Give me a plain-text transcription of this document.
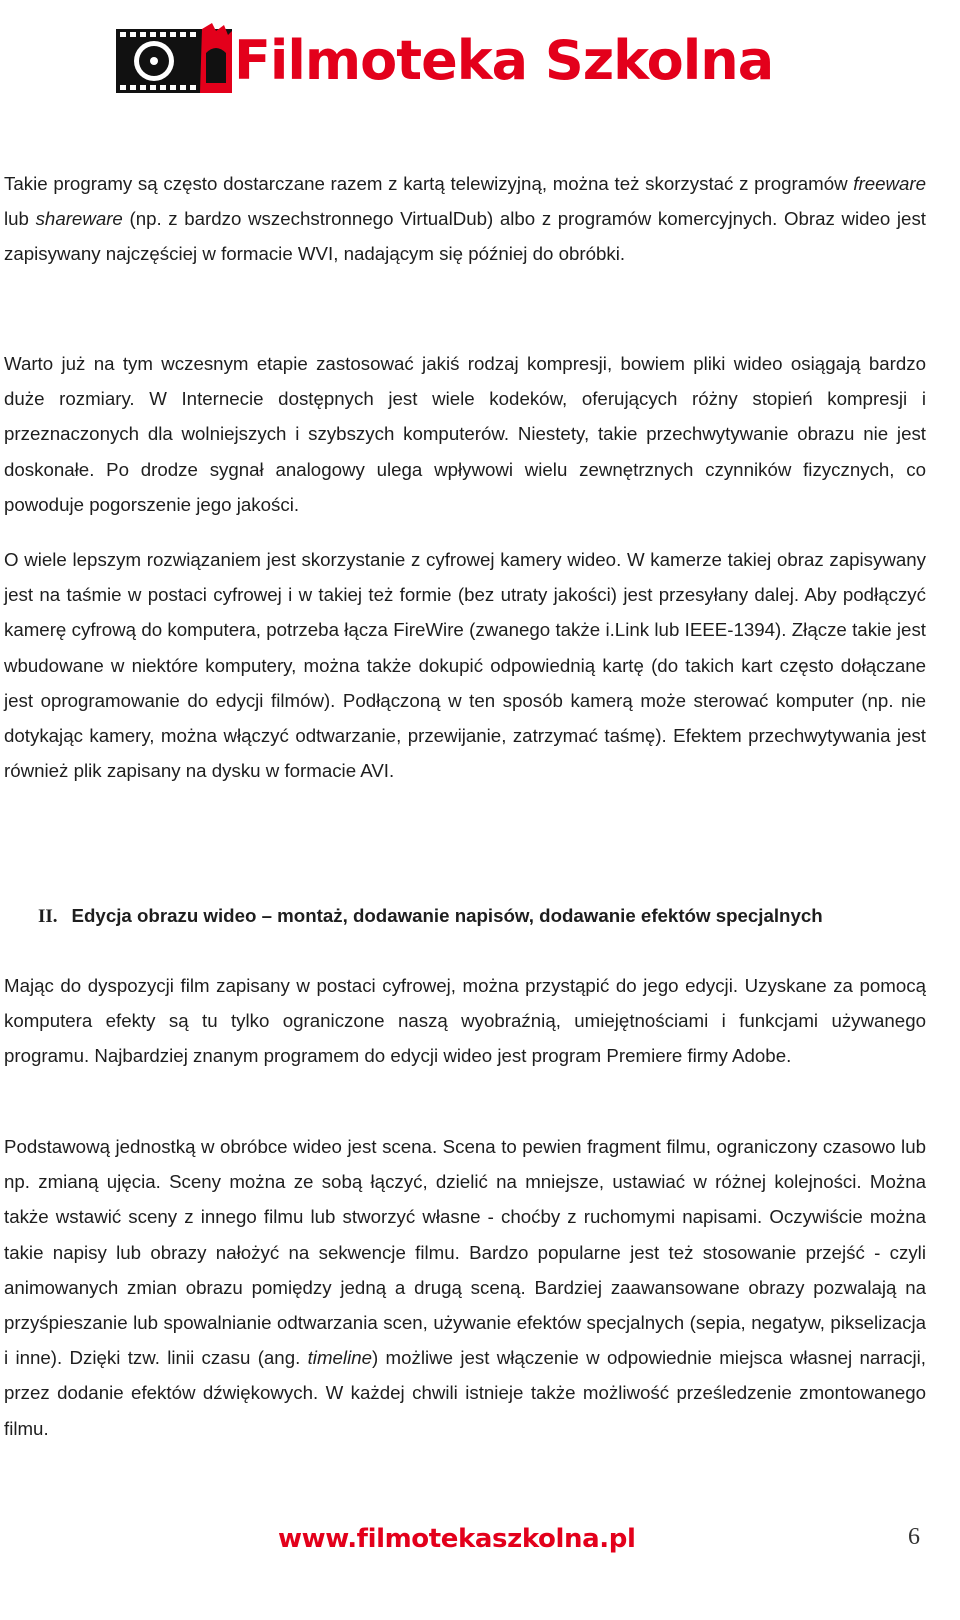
Filmoteka Szkolna

Takie programy są często dostarczane razem z kartą telewizyjną, można też skorzystać z programów freeware lub shareware (np. z bardzo wszechstronnego VirtualDub) albo z programów komercyjnych. Obraz wideo jest zapisywany najczęściej w formacie WVI, nadającym się później do obróbki.

Warto już na tym wczesnym etapie zastosować jakiś rodzaj kompresji, bowiem pliki wideo osiągają bardzo duże rozmiary. W Internecie dostępnych jest wiele kodeków, oferujących różny stopień kompresji i przeznaczonych dla wolniejszych i szybszych komputerów. Niestety, takie przechwytywanie obrazu nie jest doskonałe. Po drodze sygnał analogowy ulega wpływowi wielu zewnętrznych czynników fizycznych, co powoduje pogorszenie jego jakości.

O wiele lepszym rozwiązaniem jest skorzystanie z cyfrowej kamery wideo. W kamerze takiej obraz zapisywany jest na taśmie w postaci cyfrowej i w takiej też formie (bez utraty jakości) jest przesyłany dalej. Aby podłączyć kamerę cyfrową do komputera, potrzeba łącza FireWire (zwanego także i.Link lub IEEE-1394). Złącze takie jest wbudowane w niektóre komputery, można także dokupić odpowiednią kartę (do takich kart często dołączane jest oprogramowanie do edycji filmów). Podłączoną w ten sposób kamerą może sterować komputer (np. nie dotykając kamery, można włączyć odtwarzanie, przewijanie, zatrzymać taśmę). Efektem przechwytywania jest również plik zapisany na dysku w formacie AVI.

Mając do dyspozycji film zapisany w postaci cyfrowej, można przystąpić do jego edycji. Uzyskane za pomocą komputera efekty są tu tylko ograniczone naszą wyobraźnią, umiejętnościami i funkcjami używanego programu. Najbardziej znanym programem do edycji wideo jest program Premiere firmy Adobe.

Podstawową jednostką w obróbce wideo jest scena. Scena to pewien fragment filmu, ograniczony czasowo lub np. zmianą ujęcia. Sceny można ze sobą łączyć, dzielić na mniejsze, ustawiać w różnej kolejności. Można także wstawić sceny z innego filmu lub stworzyć własne - choćby z ruchomymi napisami. Oczywiście można takie napisy lub obrazy nałożyć na sekwencje filmu. Bardzo popularne jest też stosowanie przejść - czyli animowanych zmian obrazu pomiędzy jedną a drugą sceną. Bardziej zaawansowane obrazy pozwalają na przyśpieszanie lub spowalnianie odtwarzania scen, używanie efektów specjalnych (sepia, negatyw, pikselizacja i inne). Dzięki tzw. linii czasu (ang. timeline) możliwe jest włączenie w odpowiednie miejsca własnej narracji, przez dodanie efektów dźwiękowych. W każdej chwili istnieje także możliwość prześledzenie zmontowanego filmu.

II. Edycja obrazu wideo – montaż, dodawanie napisów, dodawanie efektów specjalnych
www.filmotekaszkolna.pl	6
